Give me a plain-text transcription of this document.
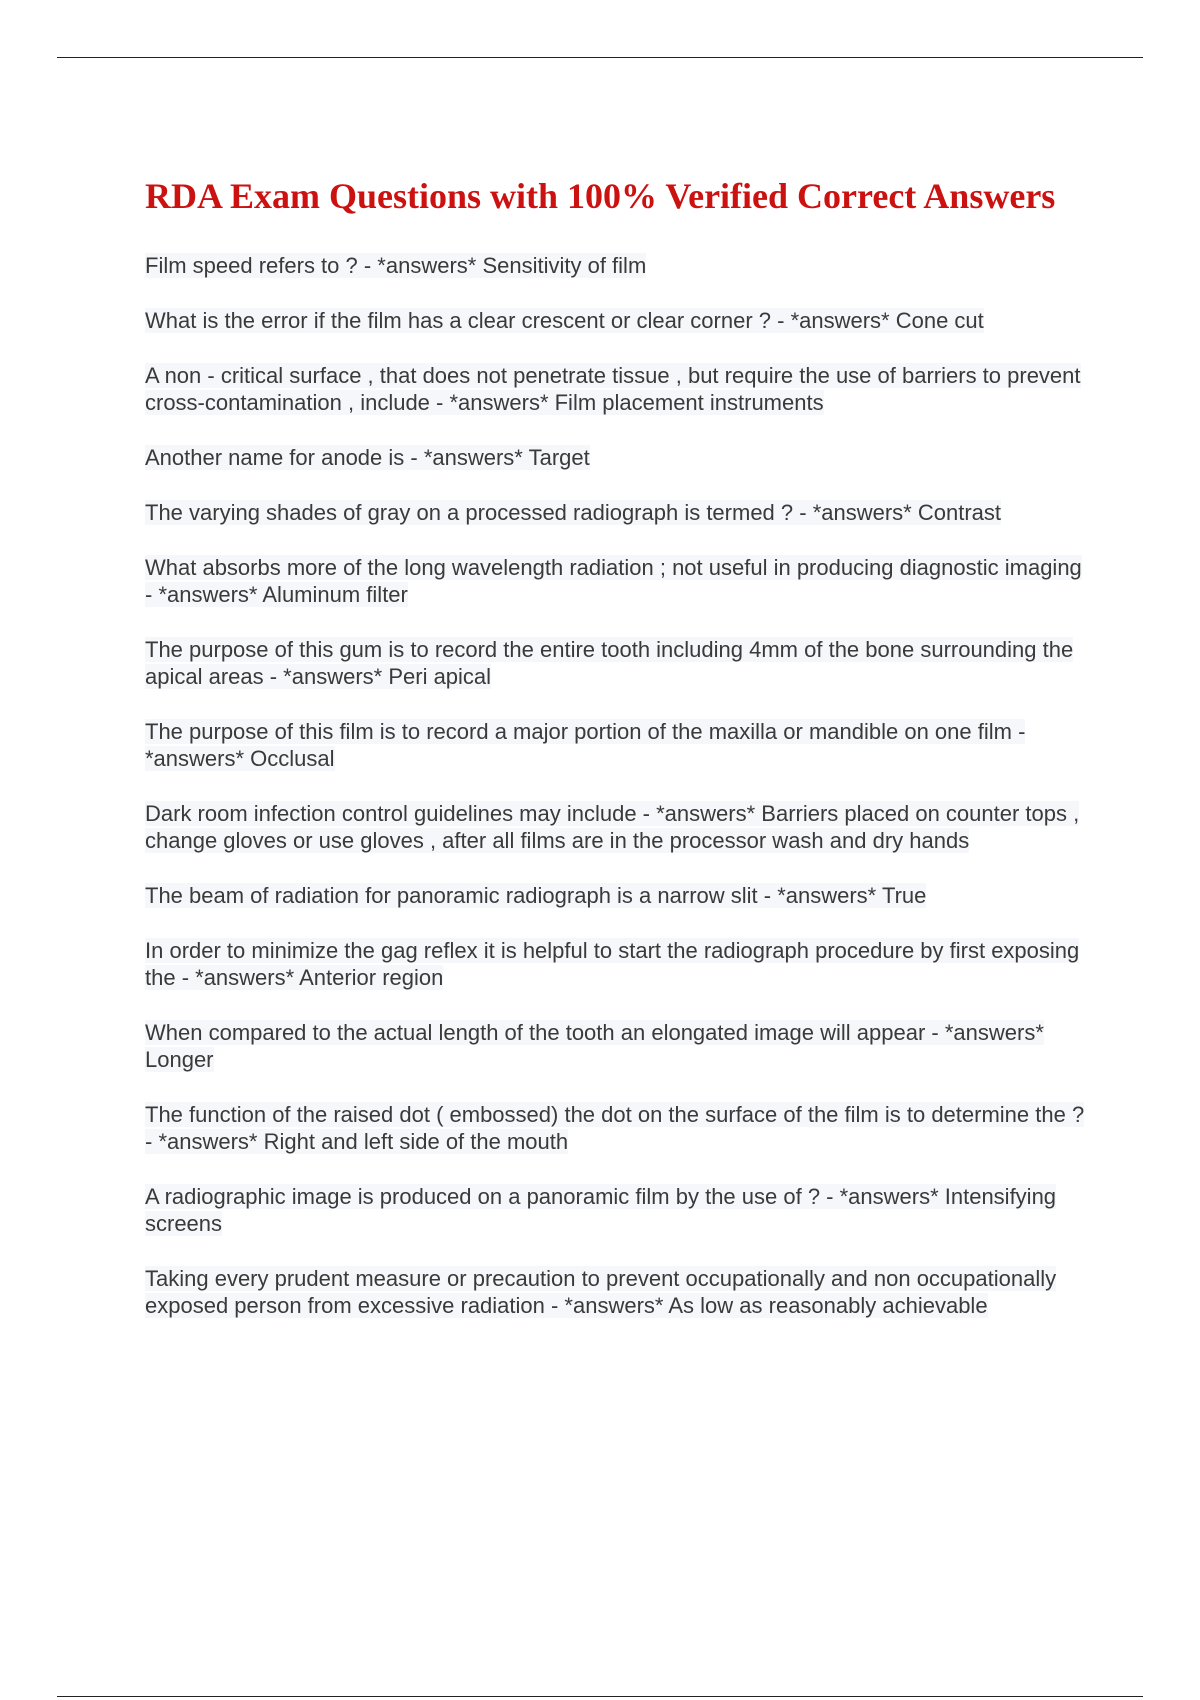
RDA Exam Questions with 100% Verified Correct Answers
Film speed refers to ? - *answers* Sensitivity of film
What is the error if the film has a clear crescent or clear corner ? - *answers* Cone cut
A non - critical surface , that does not penetrate tissue , but require the use of barriers to prevent cross-contamination , include - *answers* Film placement instruments
Another name for anode is - *answers* Target
The varying shades of gray on a processed radiograph is termed ? - *answers* Contrast
What absorbs more of the long wavelength radiation ; not useful in producing diagnostic imaging - *answers* Aluminum filter
The purpose of this gum is to record the entire tooth including 4mm of the bone surrounding the apical areas - *answers* Peri apical
The purpose of this film is to record a major portion of the maxilla or mandible on one film - *answers* Occlusal
Dark room infection control guidelines may include - *answers* Barriers placed on counter tops , change gloves or use gloves , after all films are in the processor wash and dry hands
The beam of radiation for panoramic radiograph is a narrow slit - *answers* True
In order to minimize the gag reflex it is helpful to start the radiograph procedure by first exposing the - *answers* Anterior region
When compared to the actual length of the tooth an elongated image will appear - *answers* Longer
The function of the raised dot ( embossed) the dot on the surface of the film is to determine the ? - *answers* Right and left side of the mouth
A radiographic image is produced on a panoramic film by the use of ? - *answers* Intensifying screens
Taking every prudent measure or precaution to prevent occupationally and non occupationally exposed person from excessive radiation - *answers* As low as reasonably achievable
